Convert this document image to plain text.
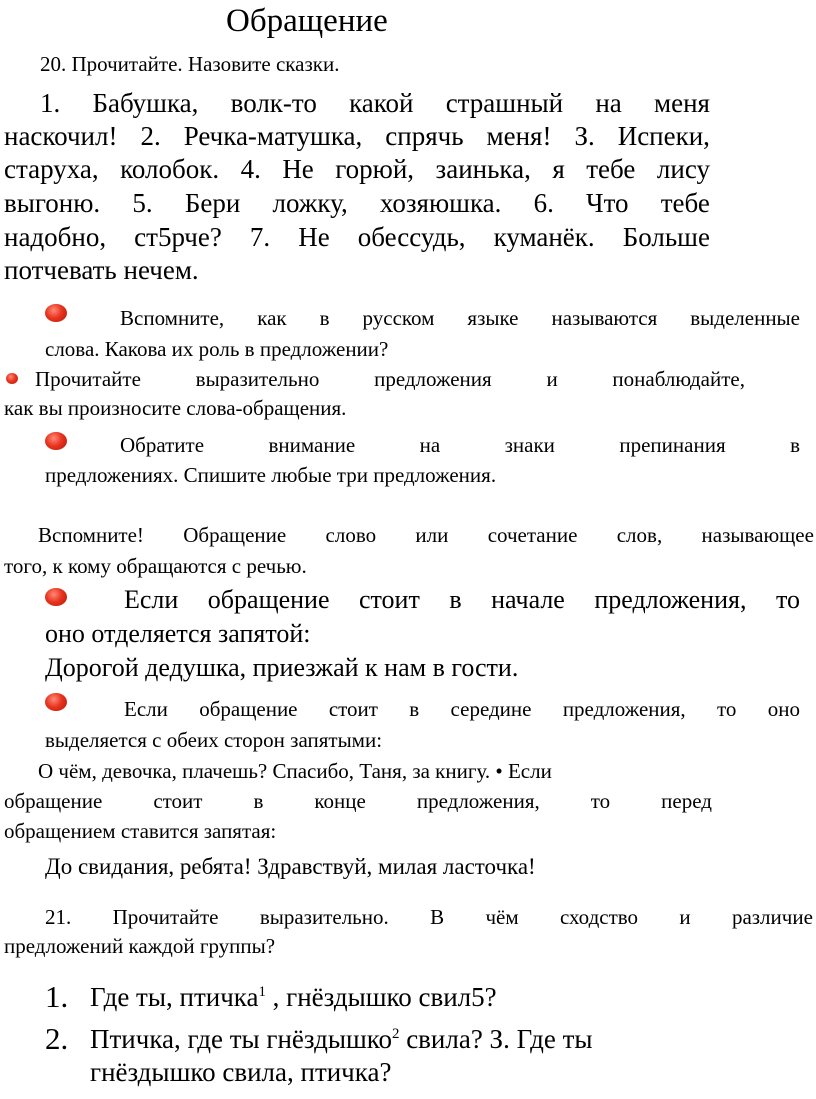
Обращение
20. Прочитайте. Назовите сказки.
1. Бабушка, волк-то какой страшный на меня
наскочил! 2. Речка-матушка, спрячь меня! З. Испеки,
старуха, колобок. 4. Не горюй, заинька, я тебе лису
выгоню. 5. Бери ложку, хозяюшка. 6. Что тебе
надобно, ст5рче? 7. Не обессудь, куманёк. Больше
потчевать нечем.
Вспомните, как в русском языке называются выделенные
слова. Какова их роль в предложении?
Прочитайте	выразительно	предложения	и	понаблюдайте,
как вы произносите слова-обращения.
Обратите	внимание	на	знаки	препинания	в
предложениях. Спишите любые три предложения.
Вспомните! Обращение слово или сочетание слов, называющее
того, к кому обращаются с речью.
Если обращение стоит в начале предложения, то
оно отделяется запятой:
Дорогой дедушка, приезжай к нам в гости.
Если обращение стоит в середине предложения, то оно
выделяется с обеих сторон запятыми:
О чём, девочка, плачешь? Спасибо, Таня, за книгу. • Если
обращение стоит в конце предложения, то перед
обращением ставится запятая:
До свидания, ребята! Здравствуй, милая ласточка!
21. Прочитайте выразительно. В чём сходство и различие
предложений каждой группы?
1. Где ты, птичка$^1$ , гнёздышко свил5?
2. Птичка, где ты гнёздышко$^2$ свила? З. Где ты
гнёздышко свила, птичка?
